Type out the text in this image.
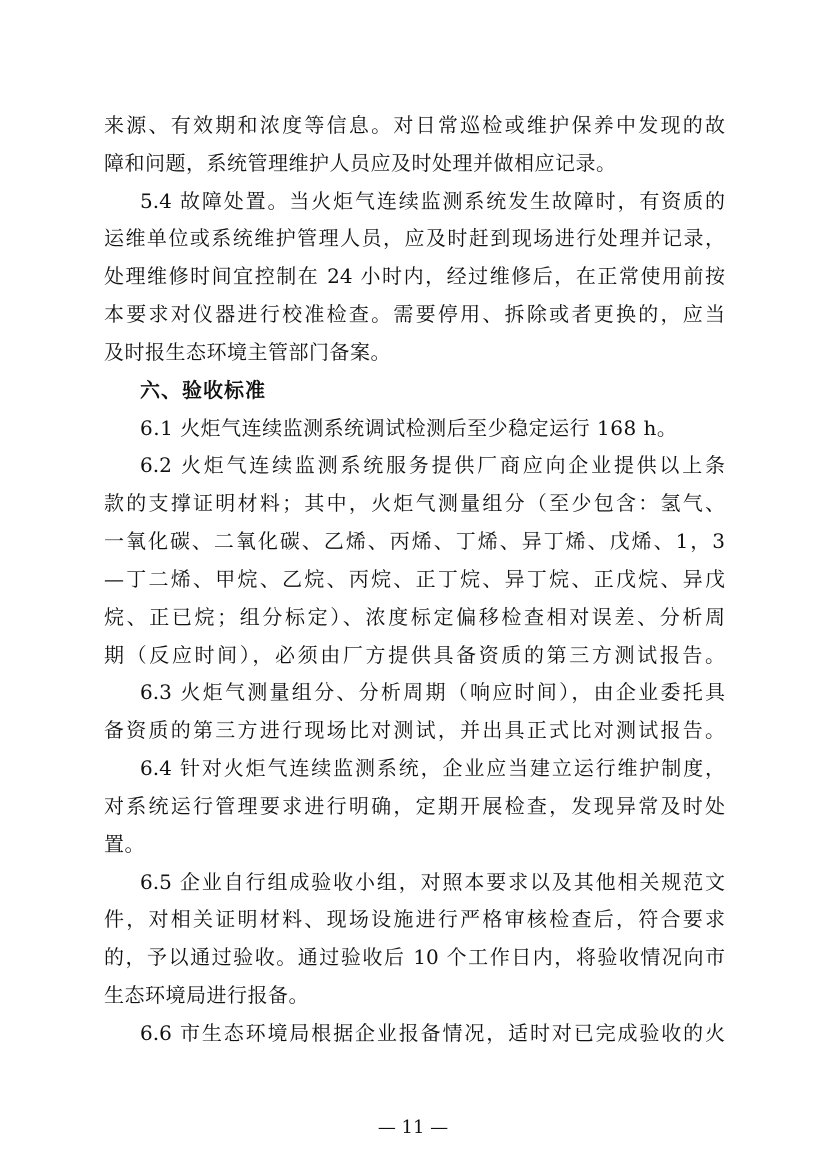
来源、有效期和浓度等信息。对日常巡检或维护保养中发现的故
障和问题，系统管理维护人员应及时处理并做相应记录。
5.4 故障处置。当火炬气连续监测系统发生故障时，有资质的
运维单位或系统维护管理人员，应及时赶到现场进行处理并记录，
处理维修时间宜控制在 24 小时内，经过维修后，在正常使用前按
本要求对仪器进行校准检查。需要停用、拆除或者更换的，应当
及时报生态环境主管部门备案。
六、验收标准
6.1 火炬气连续监测系统调试检测后至少稳定运行 168 h。
6.2 火炬气连续监测系统服务提供厂商应向企业提供以上条
款的支撑证明材料；其中，火炬气测量组分（至少包含：氢气、
一氧化碳、二氧化碳、乙烯、丙烯、丁烯、异丁烯、戊烯、1，3
—丁二烯、甲烷、乙烷、丙烷、正丁烷、异丁烷、正戊烷、异戊
烷、正已烷；组分标定）、浓度标定偏移检查相对误差、分析周
期（反应时间），必须由厂方提供具备资质的第三方测试报告。
6.3 火炬气测量组分、分析周期（响应时间），由企业委托具
备资质的第三方进行现场比对测试，并出具正式比对测试报告。
6.4 针对火炬气连续监测系统，企业应当建立运行维护制度，
对系统运行管理要求进行明确，定期开展检查，发现异常及时处
置。
6.5 企业自行组成验收小组，对照本要求以及其他相关规范文
件，对相关证明材料、现场设施进行严格审核检查后，符合要求
的，予以通过验收。通过验收后 10 个工作日内，将验收情况向市
生态环境局进行报备。
6.6 市生态环境局根据企业报备情况，适时对已完成验收的火
— 11 —
